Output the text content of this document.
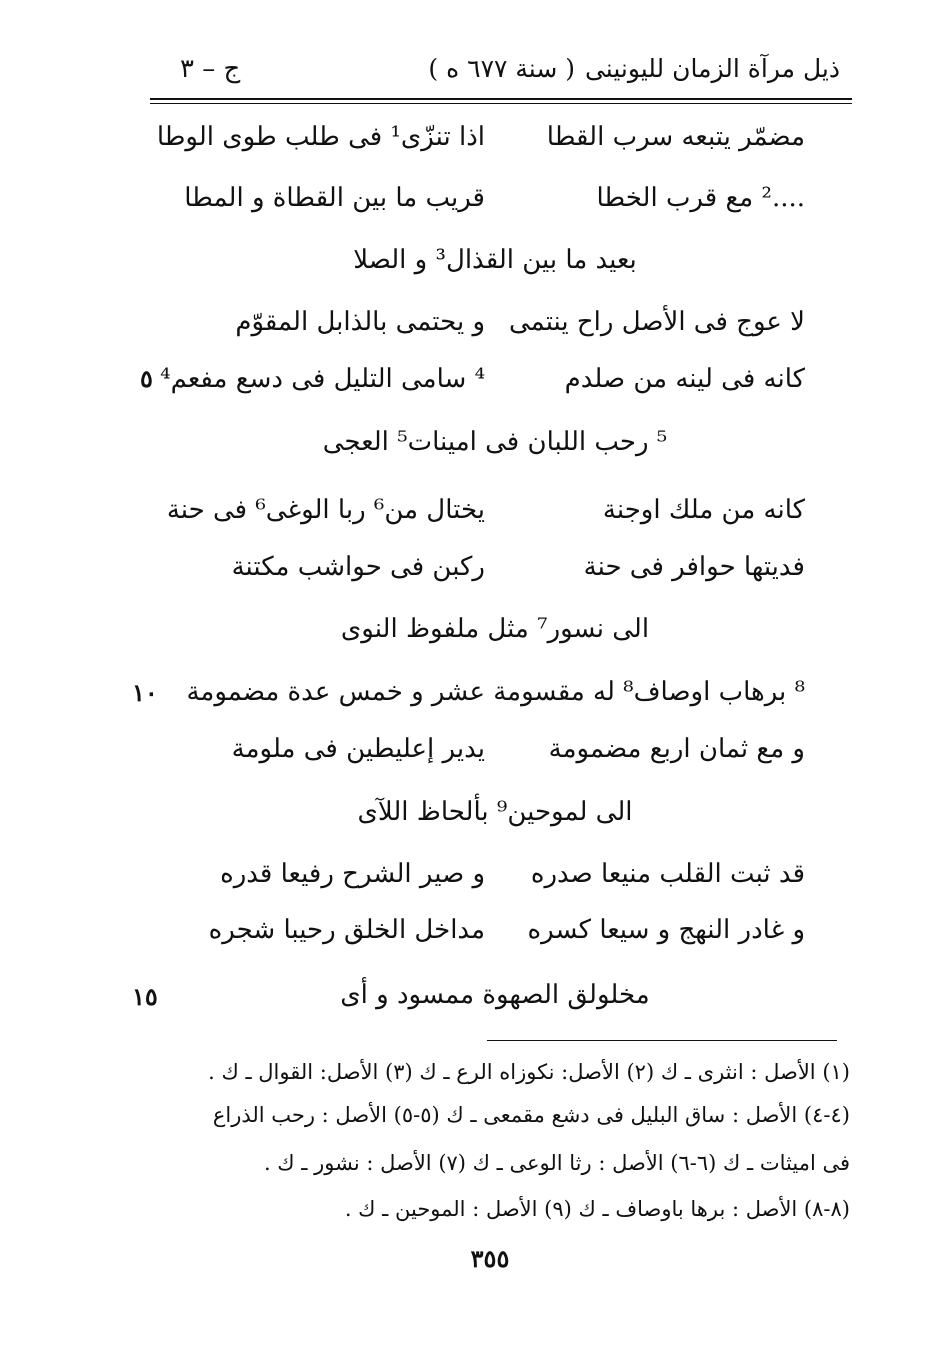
ذيل مرآة الزمان لليونينى
( سنة ٦٧٧ ه )
ج – ٣
مضمّر يتبعه سرب القطا
اذا تنزّى¹ فى طلب طوى الوطا
....² مع قرب الخطا
قريب ما بين القطاة و المطا
بعيد ما بين القذال³ و الصلا
لا عوج فى الأصل راح ينتمى
و يحتمى بالذابل المقوّم
كانه فى لينه من صلدم
⁴ سامى التليل فى دسع مفعم⁴
٥
⁵ رحب اللبان فى امينات⁵ العجى
كانه من ملك اوجنة
يختال من⁶ ربا الوغى⁶ فى حنة
فديتها حوافر فى حنة
ركبن فى حواشب مكتنة
الى نسور⁷ مثل ملفوظ النوى
⁸ برهاب اوصاف⁸ له مقسومة
عشر و خمس عدة مضمومة
١٠
و مع ثمان اربع مضمومة
يدير إعليطين فى ملومة
الى لموحين⁹ بألحاظ اللآى
قد ثبت القلب منيعا صدره
و صير الشرح رفيعا قدره
و غادر النهج و سيعا كسره
مداخل الخلق رحيبا شجره
مخلولق الصهوة ممسود و أى
١٥
(١) الأصل : انثرى ـ ك (٢) الأصل: نكوزاه الرع ـ ك (٣) الأصل: القوال ـ ك .
(٤-٤) الأصل : ساق البليل فى دشع مقمعى ـ ك (٥-٥) الأصل : رحب الذراع
فى اميثات ـ ك (٦-٦) الأصل : رثا الوعى ـ ك (٧) الأصل : نشور ـ ك .
(٨-٨) الأصل : برها باوصاف ـ ك (٩) الأصل : الموحين ـ ك .
٣٥٥
